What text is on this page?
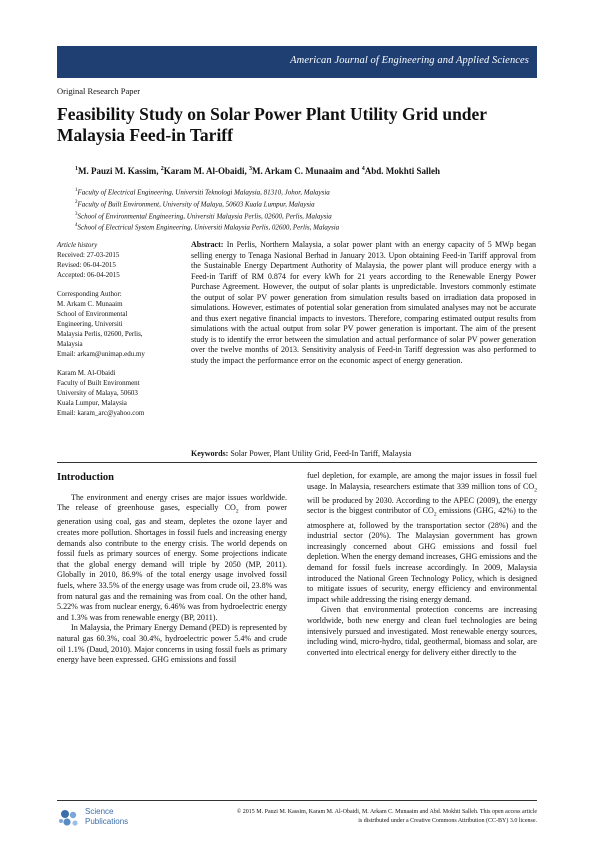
American Journal of Engineering and Applied Sciences
Original Research Paper
Feasibility Study on Solar Power Plant Utility Grid under Malaysia Feed-in Tariff
$^1$M. Pauzi M. Kassim, $^2$Karam M. Al-Obaidi, $^3$M. Arkam C. Munaaim and $^4$Abd. Mokhti Salleh
$^1$Faculty of Electrical Engineering, Universiti Teknologi Malaysia, 81310, Johor, Malaysia
$^2$Faculty of Built Environment, University of Malaya, 50603 Kuala Lumpur, Malaysia
$^3$School of Environmental Engineering, Universiti Malaysia Perlis, 02600, Perlis, Malaysia
$^4$School of Electrical System Engineering, Universiti Malaysia Perlis, 02600, Perlis, Malaysia
Article history
Received: 27-03-2015
Revised: 06-04-2015
Accepted: 06-04-2015
Corresponding Author:
M. Arkam C. Munaaim
School of Environmental
Engineering, Universiti
Malaysia Perlis, 02600, Perlis,
Malaysia
Email: arkam@unimap.edu.my
Karam M. Al-Obaidi
Faculty of Built Environment
University of Malaya, 50603
Kuala Lumpur, Malaysia
Email: karam_arc@yahoo.com
Abstract: In Perlis, Northern Malaysia, a solar power plant with an energy capacity of 5 MWp began selling energy to Tenaga Nasional Berhad in January 2013. Upon obtaining Feed-in Tariff approval from the Sustainable Energy Department Authority of Malaysia, the power plant will produce energy with a Feed-in Tariff of RM 0.874 for every kWh for 21 years according to the Renewable Energy Power Purchase Agreement. However, the output of solar plants is unpredictable. Investors commonly estimate the output of solar PV power generation from simulation results based on irradiation data proposed in simulations. However, estimates of potential solar generation from simulated analyses may not be accurate and thus exert negative financial impacts to investors. Therefore, comparing estimated output results from simulations with the actual output from solar PV power generation is important. The aim of the present study is to identify the error between the simulation and actual performance of solar PV power generation over the twelve months of 2013. Sensitivity analysis of Feed-in Tariff degression was also performed to study the impact the performance error on the economic aspect of energy generation.
Keywords: Solar Power, Plant Utility Grid, Feed-In Tariff, Malaysia
Introduction

The environment and energy crises are major issues worldwide. The release of greenhouse gases, especially $CO_2$ from power generation using coal, gas and steam, depletes the ozone layer and creates more pollution. Shortages in fossil fuels and increasing energy demands also contribute to the energy crisis. The world depends on fossil fuels as primary sources of energy. Some projections indicate that the global energy demand will triple by 2050 (MP, 2011). Globally in 2010, 86.9% of the total energy usage involved fossil fuels, where 33.5% of the energy usage was from crude oil, 23.8% was from natural gas and the remaining was from coal. On the other hand, 5.22% was from nuclear energy, 6.46% was from hydroelectric energy and 1.3% was from renewable energy (BP, 2011).

In Malaysia, the Primary Energy Demand (PED) is represented by natural gas 60.3%, coal 30.4%, hydroelectric power 5.4% and crude oil 1.1% (Daud, 2010). Major concerns in using fossil fuels as primary energy have been expressed. GHG emissions and fossil

fuel depletion, for example, are among the major issues in fossil fuel usage. In Malaysia, researchers estimate that 339 million tons of $CO_2$ will be produced by 2030. According to the APEC (2009), the energy sector is the biggest contributor of $CO_2$ emissions (GHG, 42%) to the atmosphere at, followed by the transportation sector (28%) and the industrial sector (20%). The Malaysian government has grown increasingly concerned about GHG emissions and fossil fuel depletion. When the energy demand increases, GHG emissions and the demand for fossil fuels increase accordingly. In 2009, Malaysia introduced the National Green Technology Policy, which is designed to mitigate issues of security, energy efficiency and environmental impact while addressing the rising energy demand.

Given that environmental protection concerns are increasing worldwide, both new energy and clean fuel technologies are being intensively pursued and investigated. Most renewable energy sources, including wind, micro-hydro, tidal, geothermal, biomass and solar, are converted into electrical energy for delivery either directly to the

Science
Publications
© 2015 M. Pauzi M. Kassim, Karam M. Al-Obaidi, M. Arkam C. Munaaim and Abd. Mokhti Salleh. This open access article
is distributed under a Creative Commons Attribution (CC-BY) 3.0 license.
